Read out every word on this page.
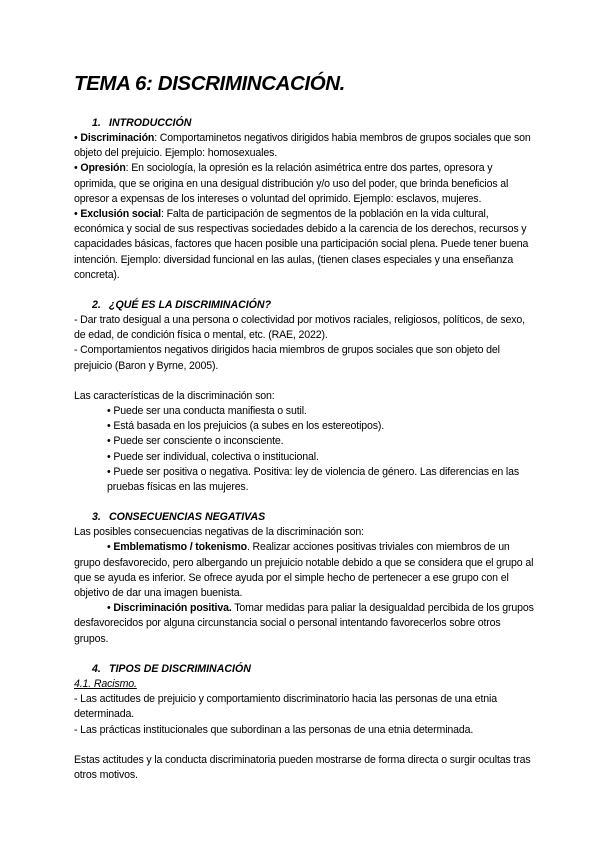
TEMA 6: DISCRIMINCACIÓN.
1. INTRODUCCIÓN

• Discriminación: Comportaminetos negativos dirigidos habia membros de grupos sociales que son objeto del prejuicio. Ejemplo: homosexuales.

• Opresión: En sociología, la opresión es la relación asimétrica entre dos partes, opresora y oprimida, que se origina en una desigual distribución y/o uso del poder, que brinda beneficios al opresor a expensas de los intereses o voluntad del oprimido. Ejemplo: esclavos, mujeres.

• Exclusión social: Falta de participación de segmentos de la población en la vida cultural, económica y social de sus respectivas sociedades debido a la carencia de los derechos, recursos y capacidades básicas, factores que hacen posible una participación social plena. Puede tener buena intención. Ejemplo: diversidad funcional en las aulas, (tienen clases especiales y una enseñanza concreta).

2. ¿QUÉ ES LA DISCRIMINACIÓN?

- Dar trato desigual a una persona o colectividad por motivos raciales, religiosos, políticos, de sexo, de edad, de condición física o mental, etc. (RAE, 2022).

- Comportamientos negativos dirigidos hacia miembros de grupos sociales que son objeto del prejuicio (Baron y Byrne, 2005).

Las características de la discriminación son:

• Puede ser una conducta manifiesta o sutil.
• Está basada en los prejuicios (a subes en los estereotipos).
• Puede ser consciente o inconsciente.
• Puede ser individual, colectiva o institucional.
• Puede ser positiva o negativa. Positiva: ley de violencia de género. Las diferencias en las pruebas físicas en las mujeres.
3. CONSECUENCIAS NEGATIVAS

Las posibles consecuencias negativas de la discriminación son:

• Emblematismo / tokenismo. Realizar acciones positivas triviales con miembros de un grupo desfavorecido, pero albergando un prejuicio notable debido a que se considera que el grupo al que se ayuda es inferior. Se ofrece ayuda por el simple hecho de pertenecer a ese grupo con el objetivo de dar una imagen buenista.

• Discriminación positiva. Tomar medidas para paliar la desigualdad percibida de los grupos desfavorecidos por alguna circunstancia social o personal intentando favorecerlos sobre otros grupos.

4. TIPOS DE DISCRIMINACIÓN

4.1. Racismo.

- Las actitudes de prejuicio y comportamiento discriminatorio hacia las personas de una etnia determinada.

- Las prácticas institucionales que subordinan a las personas de una etnia determinada.

Estas actitudes y la conducta discriminatoria pueden mostrarse de forma directa o surgir ocultas tras otros motivos.
